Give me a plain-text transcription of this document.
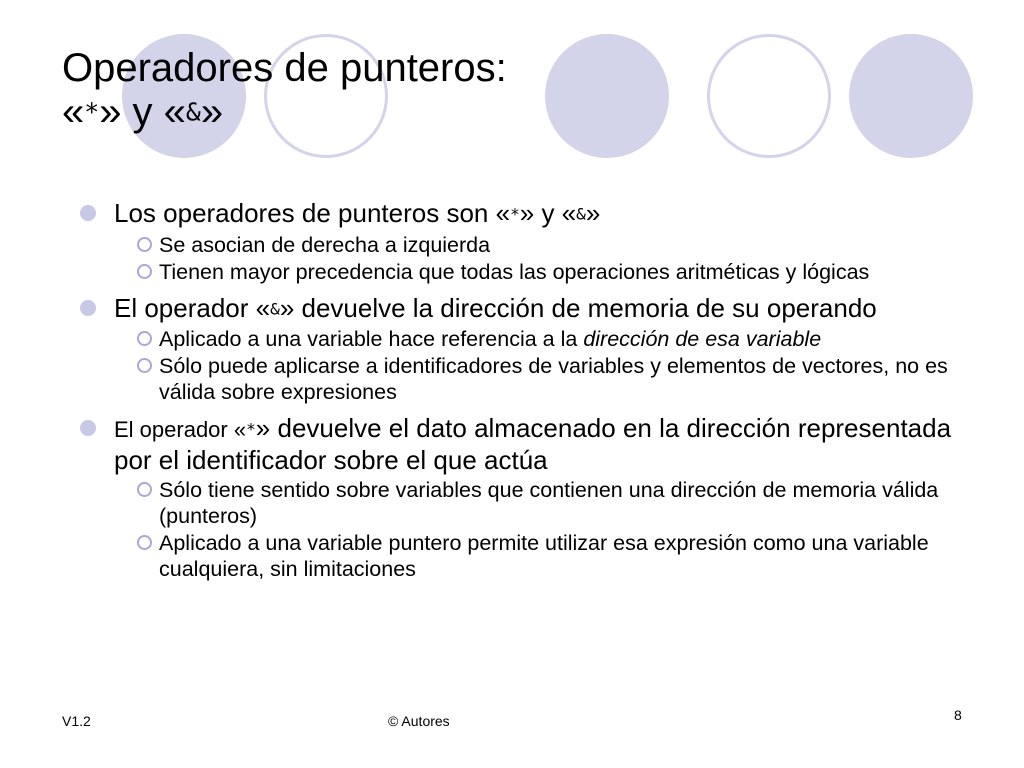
Operadores de punteros:
«*» y «&»
Los operadores de punteros son «*» y «&»
Se asocian de derecha a izquierda
Tienen mayor precedencia que todas las operaciones aritméticas y lógicas
El operador «&» devuelve la dirección de memoria de su operando
Aplicado a una variable hace referencia a la dirección de esa variable
Sólo puede aplicarse a identificadores de variables y elementos de vectores, no es válida sobre expresiones
El operador «*» devuelve el dato almacenado en la dirección representada por el identificador sobre el que actúa
Sólo tiene sentido sobre variables que contienen una dirección de memoria válida (punteros)
Aplicado a una variable puntero permite utilizar esa expresión como una variable cualquiera, sin limitaciones
V1.2	© Autores	8
